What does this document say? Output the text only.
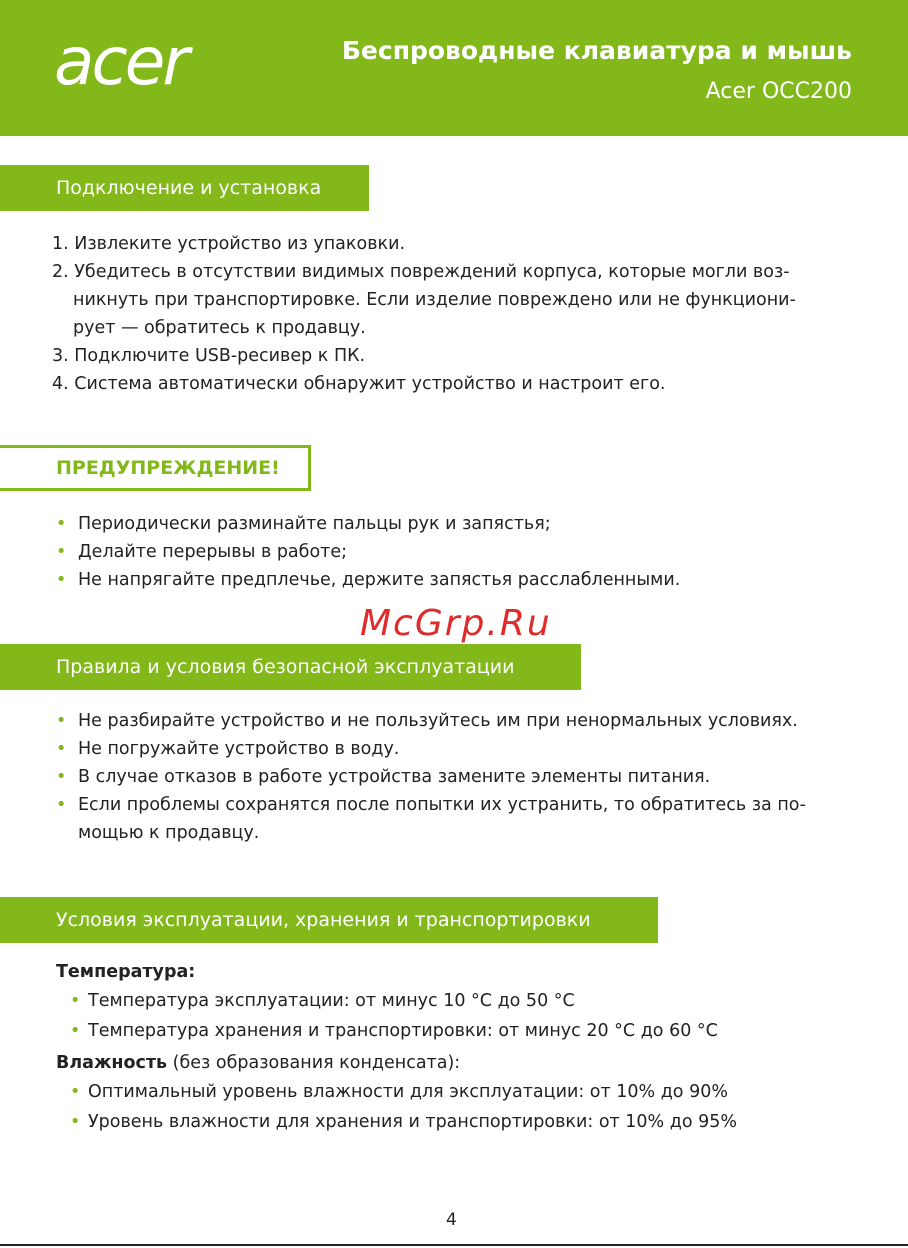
acer	Беспроводные клавиатура и мышь
Acer OCC200
Подключение и установка
1. Извлеките устройство из упаковки.
2. Убедитесь в отсутствии видимых повреждений корпуса, которые могли воз-
никнуть при транспортировке. Если изделие повреждено или не функциони-
рует — обратитесь к продавцу.
3. Подключите USB-ресивер к ПК.
4. Система автоматически обнаружит устройство и настроит его.
ПРЕДУПРЕЖДЕНИЕ!
• Периодически разминайте пальцы рук и запястья;
• Делайте перерывы в работе;
• Не напрягайте предплечье, держите запястья расслабленными.
McGrp.Ru
Правила и условия безопасной эксплуатации
• Не разбирайте устройство и не пользуйтесь им при ненормальных условиях.
• Не погружайте устройство в воду.
• В случае отказов в работе устройства замените элементы питания.
• Если проблемы сохранятся после попытки их устранить, то обратитесь за по-
мощью к продавцу.
Условия эксплуатации, хранения и транспортировки
Температура:
• Температура эксплуатации: от минус 10 °С до 50 °С
• Температура хранения и транспортировки: от минус 20 °С до 60 °С
Влажность (без образования конденсата):
• Оптимальный уровень влажности для эксплуатации: от 10% до 90%
• Уровень влажности для хранения и транспортировки: от 10% до 95%
4
